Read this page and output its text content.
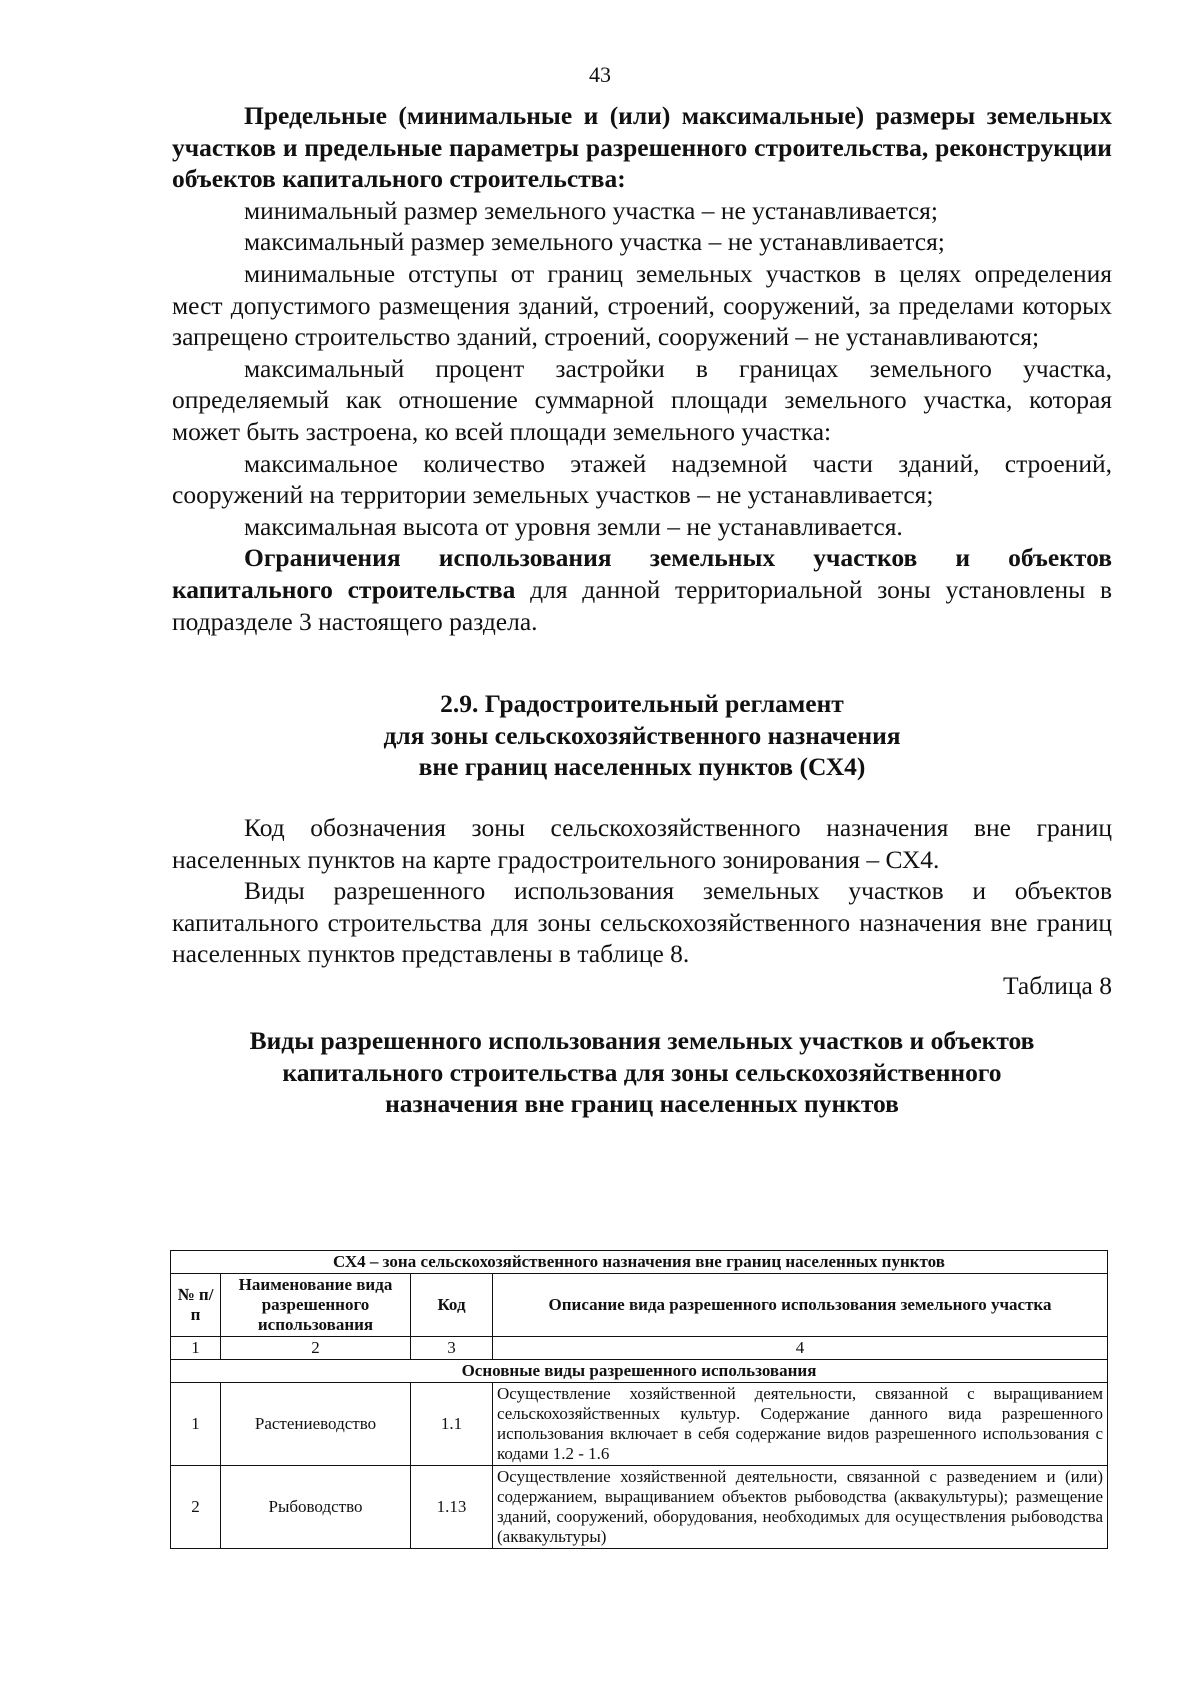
43

Предельные (минимальные и (или) максимальные) размеры земельных участков и предельные параметры разрешенного строительства, реконструкции объектов капитального строительства:

минимальный размер земельного участка – не устанавливается;

максимальный размер земельного участка – не устанавливается;

минимальные отступы от границ земельных участков в целях определения мест допустимого размещения зданий, строений, сооружений, за пределами которых запрещено строительство зданий, строений, сооружений – не устанавливаются;

максимальный процент застройки в границах земельного участка, определяемый как отношение суммарной площади земельного участка, которая может быть застроена, ко всей площади земельного участка:

максимальное количество этажей надземной части зданий, строений, сооружений на территории земельных участков – не устанавливается;

максимальная высота от уровня земли – не устанавливается.

Ограничения использования земельных участков и объектов капитального строительства для данной территориальной зоны установлены в подразделе 3 настоящего раздела.

2.9. Градостроительный регламент
для зоны сельскохозяйственного назначения
вне границ населенных пунктов (СХ4)

Код обозначения зоны сельскохозяйственного назначения вне границ населенных пунктов на карте градостроительного зонирования – СХ4.

Виды разрешенного использования земельных участков и объектов капитального строительства для зоны сельскохозяйственного назначения вне границ населенных пунктов представлены в таблице 8.

Таблица 8

Виды разрешенного использования земельных участков и объектов
капитального строительства для зоны сельскохозяйственного
назначения вне границ населенных пунктов
СХ4 – зона сельскохозяйственного назначения вне границ населенных пунктов			
№ п/п	Наименование вида разрешенного использования	Код	Описание вида разрешенного использования земельного участка
1	2	3	4
Основные виды разрешенного использования			
1	Растениеводство	1.1	Осуществление хозяйственной деятельности, связанной с выращиванием сельскохозяйственных культур. Содержание данного вида разрешенного использования включает в себя содержание видов разрешенного использования с кодами 1.2 - 1.6
2	Рыбоводство	1.13	Осуществление хозяйственной деятельности, связанной с разведением и (или) содержанием, выращиванием объектов рыбоводства (аквакультуры); размещение зданий, сооружений, оборудования, необходимых для осуществления рыбоводства (аквакультуры)
